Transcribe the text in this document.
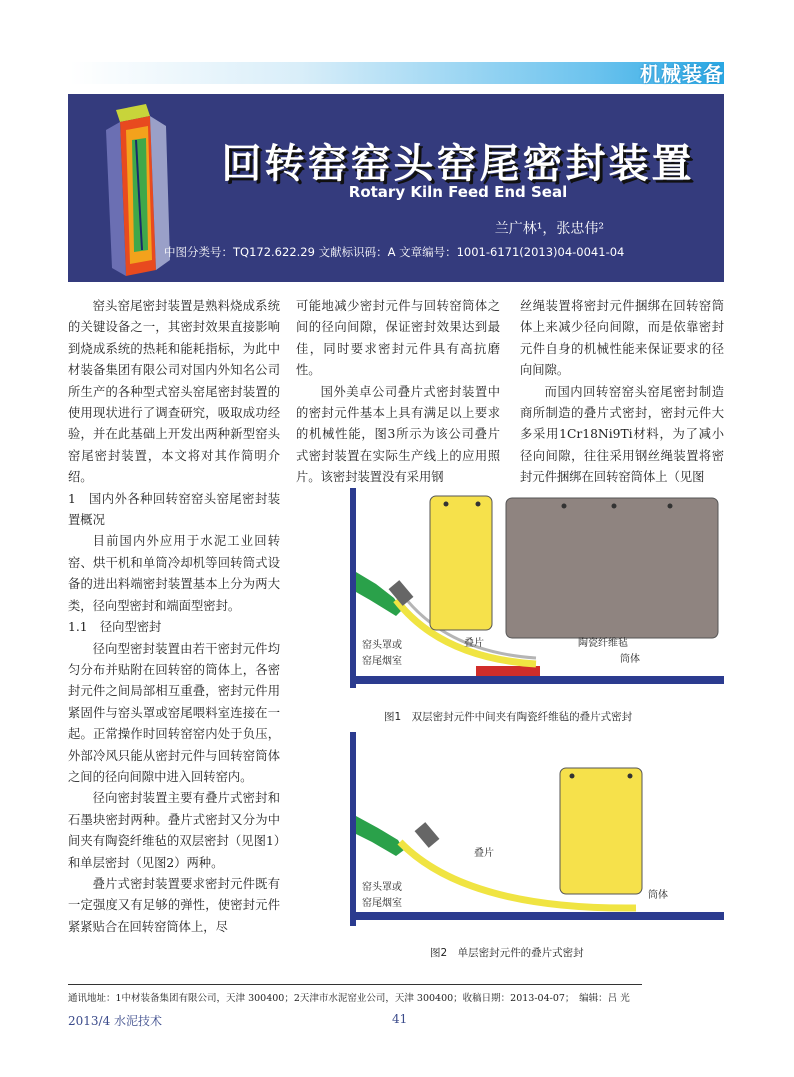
机械装备
回转窑窑头窑尾密封装置
Rotary Kiln Feed End Seal
兰广林¹，张忠伟²
中图分类号：TQ172.622.29 文献标识码：A 文章编号：1001-6171(2013)04-0041-04

窑头窑尾密封装置是熟料烧成系统的关键设备之一，其密封效果直接影响到烧成系统的热耗和能耗指标，为此中材装备集团有限公司对国内外知名公司所生产的各种型式窑头窑尾密封装置的使用现状进行了调查研究，吸取成功经验，并在此基础上开发出两种新型窑头窑尾密封装置，本文将对其作简明介绍。

1　国内外各种回转窑窑头窑尾密封装置概况

目前国内外应用于水泥工业回转窑、烘干机和单筒冷却机等回转筒式设备的进出料端密封装置基本上分为两大类，径向型密封和端面型密封。

1.1　径向型密封

径向型密封装置由若干密封元件均匀分布并贴附在回转窑的筒体上，各密封元件之间局部相互重叠，密封元件用紧固件与窑头罩或窑尾喂料室连接在一起。正常操作时回转窑窑内处于负压，外部冷风只能从密封元件与回转窑筒体之间的径向间隙中进入回转窑内。

径向密封装置主要有叠片式密封和石墨块密封两种。叠片式密封又分为中间夹有陶瓷纤维毡的双层密封（见图1）和单层密封（见图2）两种。

叠片式密封装置要求密封元件既有一定强度又有足够的弹性，使密封元件紧紧贴合在回转窑筒体上，尽

可能地减少密封元件与回转窑筒体之间的径向间隙，保证密封效果达到最佳，同时要求密封元件具有高抗磨性。

国外美卓公司叠片式密封装置中的密封元件基本上具有满足以上要求的机械性能，图3所示为该公司叠片式密封装置在实际生产线上的应用照片。该密封装置没有采用钢

丝绳装置将密封元件捆绑在回转窑筒体上来减少径向间隙，而是依靠密封元件自身的机械性能来保证要求的径向间隙。

而国内回转窑窑头窑尾密封制造商所制造的叠片式密封，密封元件大多采用1Cr18Ni9Ti材料，为了减小径向间隙，往往采用钢丝绳装置将密封元件捆绑在回转窑筒体上（见图

窑头罩或
窑尾烟室
叠片	陶瓷纤维毡
筒体
图1　双层密封元件中间夹有陶瓷纤维毡的叠片式密封
窑头罩或
窑尾烟室
叠片
筒体
图2　单层密封元件的叠片式密封
通讯地址：1中材装备集团有限公司，天津 300400；2天津市水泥窑业公司，天津 300400；收稿日期：2013-04-07；　编辑：吕 光
2013/4 水泥技术	41
